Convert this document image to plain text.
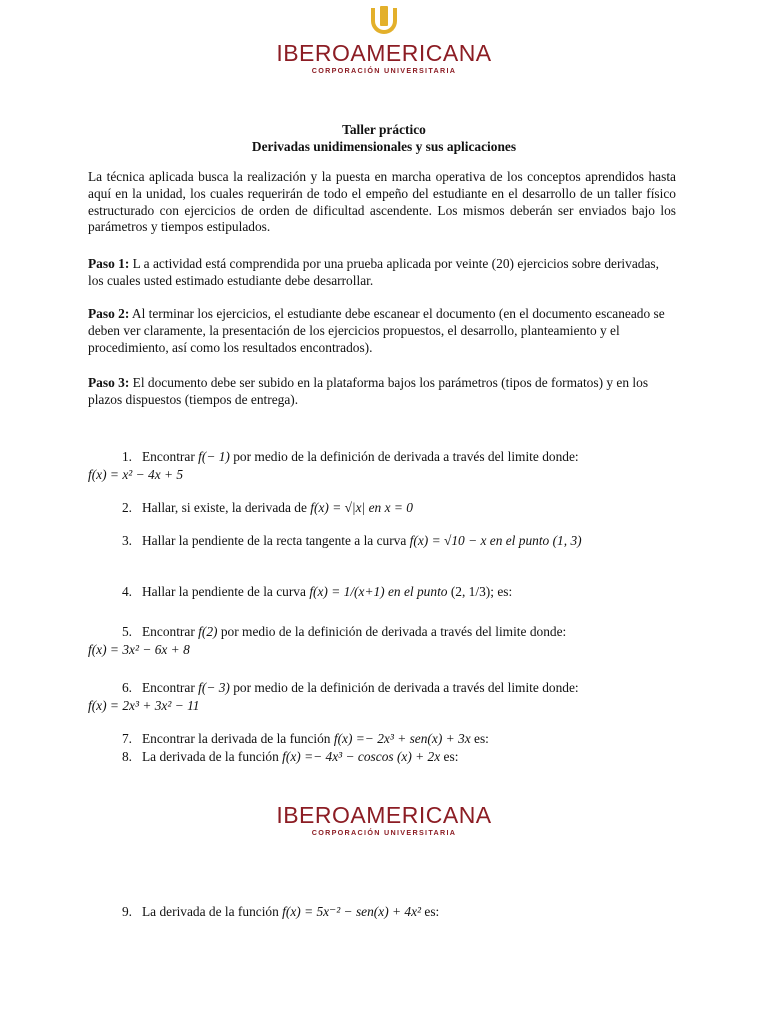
IBEROAMERICANA
CORPORACIÓN UNIVERSITARIA
Taller práctico
Derivadas unidimensionales y sus aplicaciones
La técnica aplicada busca la realización y la puesta en marcha operativa de los conceptos aprendidos hasta aquí en la unidad, los cuales requerirán de todo el empeño del estudiante en el desarrollo de un taller físico estructurado con ejercicios de orden de dificultad ascendente. Los mismos deberán ser enviados bajo los parámetros y tiempos estipulados.
Paso 1: L a actividad está comprendida por una prueba aplicada por veinte (20) ejercicios sobre derivadas, los cuales usted estimado estudiante debe desarrollar.
Paso 2: Al terminar los ejercicios, el estudiante debe escanear el documento (en el documento escaneado se deben ver claramente, la presentación de los ejercicios propuestos, el desarrollo, planteamiento y el procedimiento, así como los resultados encontrados).
Paso 3: El documento debe ser subido en la plataforma bajos los parámetros (tipos de formatos) y en los plazos dispuestos (tiempos de entrega).
1. Encontrar f(− 1) por medio de la definición de derivada a través del limite donde:
f(x) = x² − 4x + 5
2. Hallar, si existe, la derivada de f(x) = √|x| en x = 0
3. Hallar la pendiente de la recta tangente a la curva f(x) = √10 − x en el punto (1, 3)
4. Hallar la pendiente de la curva f(x) = 1/(x+1) en el punto (2, 1/3); es:
5. Encontrar f(2) por medio de la definición de derivada a través del limite donde:
f(x) = 3x² − 6x + 8
6. Encontrar f(− 3) por medio de la definición de derivada a través del limite donde:
f(x) = 2x³ + 3x² − 11
7. Encontrar la derivada de la función f(x) =− 2x³ + sen(x) + 3x es:
8. La derivada de la función f(x) =− 4x³ − coscos (x) + 2x es:
IBEROAMERICANA
CORPORACIÓN UNIVERSITARIA
9. La derivada de la función f(x) = 5x⁻² − sen(x) + 4x² es:
